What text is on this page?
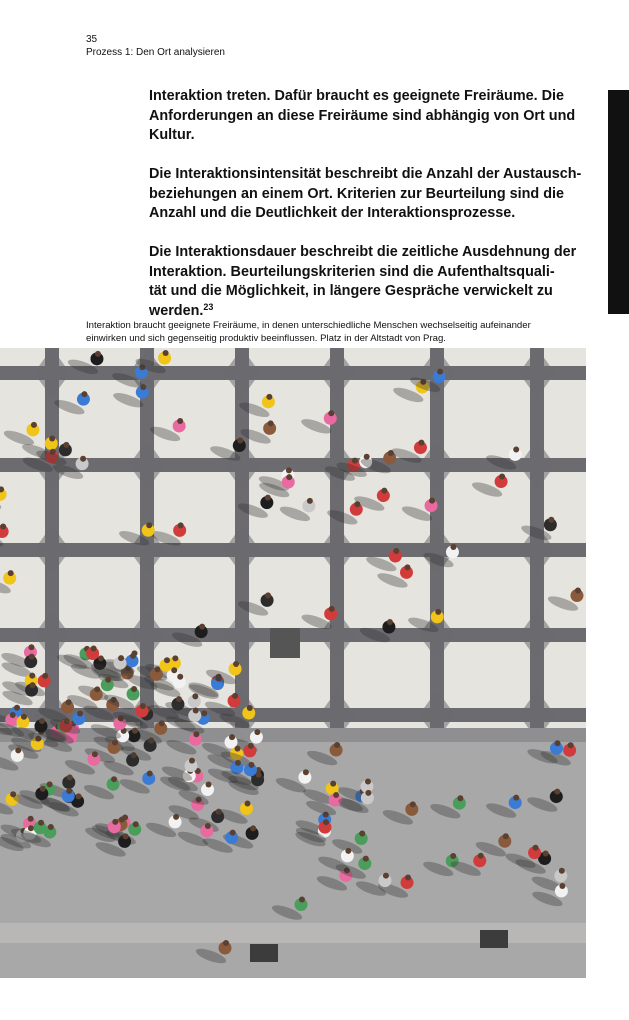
35
Prozess 1: Den Ort analysieren

Interaktion treten. Dafür braucht es geeignete Freiräume. Die
Anforderungen an diese Freiräume sind abhängig von Ort und
Kultur.

Die Interaktionsintensität beschreibt die Anzahl der Austausch-
beziehungen an einem Ort. Kriterien zur Beurteilung sind die
Anzahl und die Deutlichkeit der Interaktionsprozesse.

Die Interaktionsdauer beschreibt die zeitliche Ausdehnung der
Interaktion. Beurteilungskriterien sind die Aufenthaltsquali-
tät und die Möglichkeit, in längere Gespräche verwickelt zu
werden.$^{23}$

Interaktion braucht geeignete Freiräume, in denen unterschiedliche Menschen wechselseitig aufeinander
einwirken und sich gegenseitig produktiv beeinflussen. Platz in der Altstadt von Prag.
